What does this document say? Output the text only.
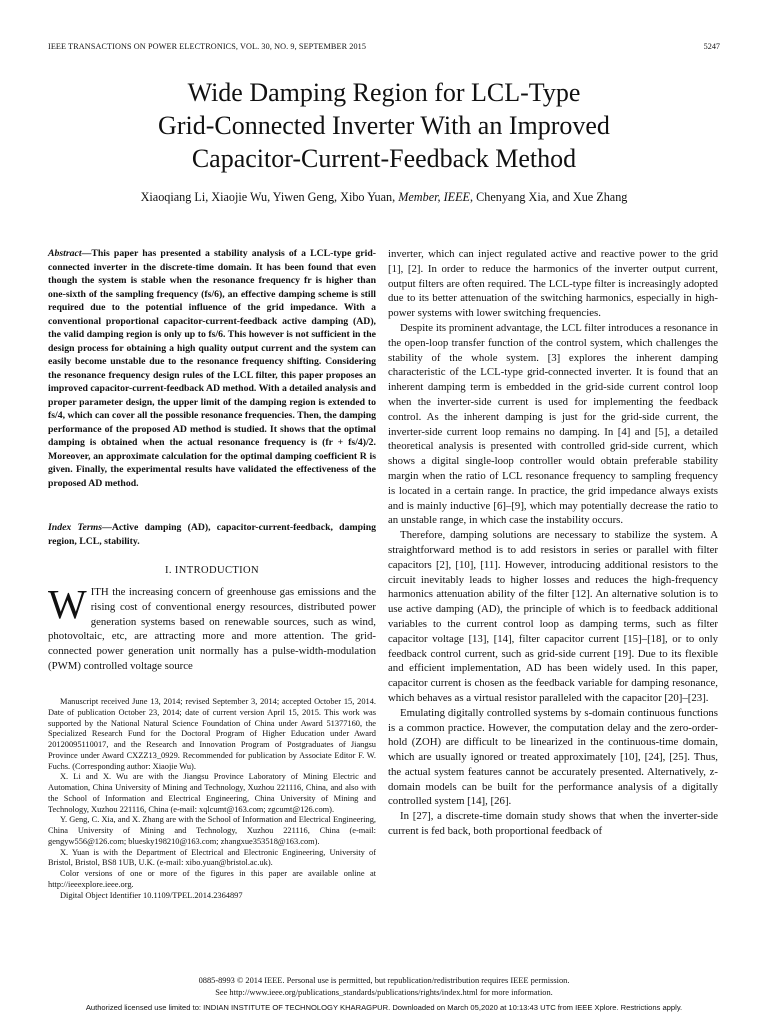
IEEE TRANSACTIONS ON POWER ELECTRONICS, VOL. 30, NO. 9, SEPTEMBER 2015	5247
Wide Damping Region for LCL-Type
Grid-Connected Inverter With an Improved
Capacitor-Current-Feedback Method
Xiaoqiang Li, Xiaojie Wu, Yiwen Geng, Xibo Yuan, Member, IEEE, Chenyang Xia, and Xue Zhang
Abstract—This paper has presented a stability analysis of a LCL-type grid-connected inverter in the discrete-time domain. It has been found that even though the system is stable when the resonance frequency fr is higher than one-sixth of the sampling frequency (fs/6), an effective damping scheme is still required due to the potential influence of the grid impedance. With a conventional proportional capacitor-current-feedback active damping (AD), the valid damping region is only up to fs/6. This however is not sufficient in the design process for obtaining a high quality output current and the system can easily become unstable due to the resonance frequency shifting. Considering the resonance frequency design rules of the LCL filter, this paper proposes an improved capacitor-current-feedback AD method. With a detailed analysis and proper parameter design, the upper limit of the damping region is extended to fs/4, which can cover all the possible resonance frequencies. Then, the damping performance of the proposed AD method is studied. It shows that the optimal damping is obtained when the actual resonance frequency is (fr + fs/4)/2. Moreover, an approximate calculation for the optimal damping coefficient R is given. Finally, the experimental results have validated the effectiveness of the proposed AD method.
Index Terms—Active damping (AD), capacitor-current-feedback, damping region, LCL, stability.
I. INTRODUCTION
WITH the increasing concern of greenhouse gas emissions and the rising cost of conventional energy resources, distributed power generation systems based on renewable sources, such as wind, photovoltaic, etc, are attracting more and more attention. The grid-connected power generation unit normally has a pulse-width-modulation (PWM) controlled voltage source

Manuscript received June 13, 2014; revised September 3, 2014; accepted October 15, 2014. Date of publication October 23, 2014; date of current version April 15, 2015. This work was supported by the National Natural Science Foundation of China under Award 51377160, the Specialized Research Fund for the Doctoral Program of Higher Education under Award 20120095110017, and the Research and Innovation Program of Postgraduates of Jiangsu Province under Award CXZZ13_0929. Recommended for publication by Associate Editor F. W. Fuchs. (Corresponding author: Xiaojie Wu).

X. Li and X. Wu are with the Jiangsu Province Laboratory of Mining Electric and Automation, China University of Mining and Technology, Xuzhou 221116, China, and also with the School of Information and Electrical Engineering, China University of Mining and Technology, Xuzhou 221116, China (e-mail: xqlcumt@163.com; zgcumt@126.com).

Y. Geng, C. Xia, and X. Zhang are with the School of Information and Electrical Engineering, China University of Mining and Technology, Xuzhou 221116, China (e-mail: gengyw556@126.com; bluesky198210@163.com; zhangxue353518@163.com).

X. Yuan is with the Department of Electrical and Electronic Engineering, University of Bristol, Bristol, BS8 1UB, U.K. (e-mail: xibo.yuan@bristol.ac.uk).

Color versions of one or more of the figures in this paper are available online at http://ieeexplore.ieee.org.

Digital Object Identifier 10.1109/TPEL.2014.2364897

inverter, which can inject regulated active and reactive power to the grid [1], [2]. In order to reduce the harmonics of the inverter output current, output filters are often required. The LCL-type filter is increasingly adopted due to its better attenuation of the switching harmonics, especially in high-power systems with lower switching frequencies.

Despite its prominent advantage, the LCL filter introduces a resonance in the open-loop transfer function of the control system, which challenges the stability of the whole system. [3] explores the inherent damping characteristic of the LCL-type grid-connected inverter. It is found that an inherent damping term is embedded in the grid-side current control loop when the inverter-side current is used for implementing the feedback control. As the inherent damping is just for the grid-side current, the inverter-side current loop remains no damping. In [4] and [5], a detailed theoretical analysis is presented with controlled grid-side current, which shows a digital single-loop controller would obtain preferable stability margin when the ratio of LCL resonance frequency to sampling frequency is located in a certain range. In practice, the grid impedance always exists and is mainly inductive [6]–[9], which may potentially decrease the ratio to an unstable range, in which case the instability occurs.

Therefore, damping solutions are necessary to stabilize the system. A straightforward method is to add resistors in series or parallel with filter capacitors [2], [10], [11]. However, introducing additional resistors to the circuit inevitably leads to higher losses and reduces the high-frequency harmonics attenuation ability of the filter [12]. An alternative solution is to use active damping (AD), the principle of which is to feedback additional variables to the current control loop as damping terms, such as filter capacitor voltage [13], [14], filter capacitor current [15]–[18], or to only feedback control current, such as grid-side current [19]. Due to its flexible and efficient implementation, AD has been widely used. In this paper, capacitor current is chosen as the feedback variable for damping resonance, which behaves as a virtual resistor paralleled with the capacitor [20]–[23].

Emulating digitally controlled systems by s-domain continuous functions is a common practice. However, the computation delay and the zero-order-hold (ZOH) are difficult to be linearized in the continuous-time domain, which are usually ignored or treated approximately [10], [24], [25]. Thus, the actual system features cannot be accurately presented. Alternatively, z-domain models can be built for the performance analysis of a digitally controlled system [14], [26].

In [27], a discrete-time domain study shows that when the inverter-side current is fed back, both proportional feedback of

0885-8993 © 2014 IEEE. Personal use is permitted, but republication/redistribution requires IEEE permission.
See http://www.ieee.org/publications_standards/publications/rights/index.html for more information.
Authorized licensed use limited to: INDIAN INSTITUTE OF TECHNOLOGY KHARAGPUR. Downloaded on March 05,2020 at 10:13:43 UTC from IEEE Xplore. Restrictions apply.
